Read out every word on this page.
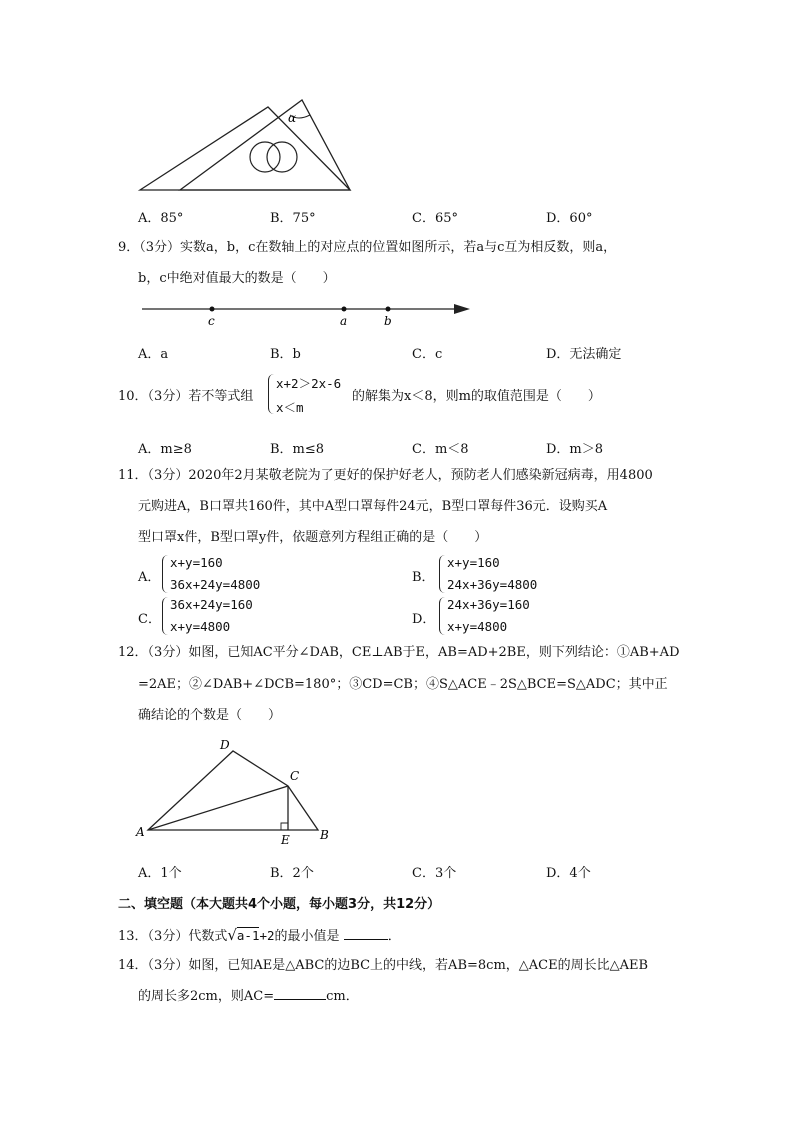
α
A．85°	B．75°	C．65°	D．60°
9．（3分）实数a，b，c在数轴上的对应点的位置如图所示，若a与c互为相反数，则a，
b，c中绝对值最大的数是（　　）
c	a	b
A．a	B．b	C．c	D．无法确定
10．（3分）若不等式组
x+2＞2x-6
x＜m
的解集为x＜8，则m的取值范围是（　　）
A．m≥8	B．m≤8	C．m＜8	D．m＞8
11．（3分）2020年2月某敬老院为了更好的保护好老人，预防老人们感染新冠病毒，用4800
元购进A，B口罩共160件，其中A型口罩每件24元，B型口罩每件36元．设购买A
型口罩x件，B型口罩y件，依题意列方程组正确的是（　　）
A．
x+y=160
36x+24y=4800	B．
x+y=160
24x+36y=4800
C．
36x+24y=160
x+y=4800	D．
24x+36y=160
x+y=4800
12．（3分）如图，已知AC平分∠DAB，CE⊥AB于E，AB=AD+2BE，则下列结论：①AB+AD
=2AE；②∠DAB+∠DCB=180°；③CD=CB；④S△ACE﹣2S△BCE=S△ADC；其中正
确结论的个数是（　　）
D
C
A
E	B
A．1个	B．2个	C．3个	D．4个
二、填空题（本大题共4个小题，每小题3分，共12分）
13．（3分）代数式√a-1+2的最小值是	．
14．（3分）如图，已知AE是△ABC的边BC上的中线，若AB=8cm，△ACE的周长比△AEB
的周长多2cm，则AC=	cm．
